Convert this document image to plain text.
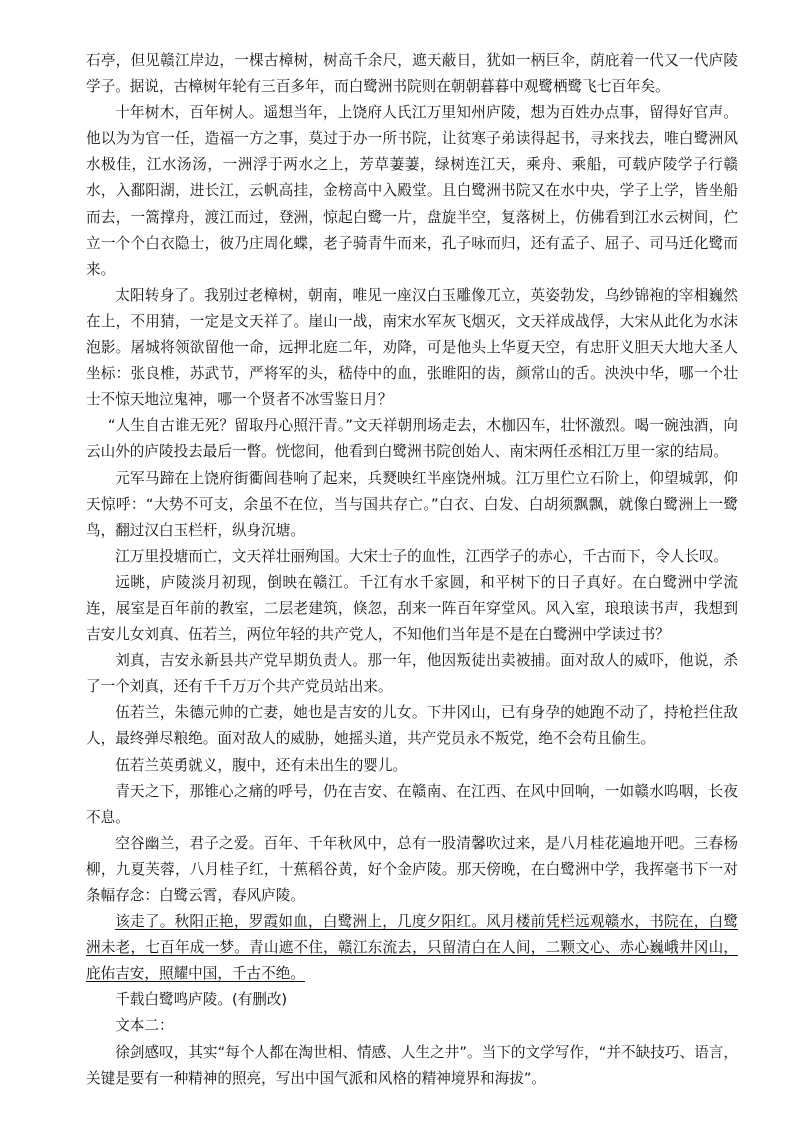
石亭，但见赣江岸边，一棵古樟树，树高千余尺，遮天蔽日，犹如一柄巨伞，荫庇着一代又一代庐陵学子。据说，古樟树年轮有三百多年，而白鹭洲书院则在朝朝暮暮中观鹭栖鹭飞七百年矣。

十年树木，百年树人。遥想当年，上饶府人氏江万里知州庐陵，想为百姓办点事，留得好官声。他以为为官一任，造福一方之事，莫过于办一所书院，让贫寒子弟读得起书，寻来找去，唯白鹭洲风水极佳，江水汤汤，一洲浮于两水之上，芳草萋萋，绿树连江天，乘舟、乘船，可载庐陵学子行赣水，入鄱阳湖，进长江，云帆高挂，金榜高中入殿堂。且白鹭洲书院又在水中央，学子上学，皆坐船而去，一篙撑舟，渡江而过，登洲，惊起白鹭一片，盘旋半空，复落树上，仿佛看到江水云树间，伫立一个个白衣隐士，彼乃庄周化蝶，老子骑青牛而来，孔子咏而归，还有孟子、屈子、司马迁化鹭而来。

太阳转身了。我别过老樟树，朝南，唯见一座汉白玉雕像兀立，英姿勃发，乌纱锦袍的宰相巍然在上，不用猜，一定是文天祥了。崖山一战，南宋水军灰飞烟灭，文天祥成战俘，大宋从此化为水沫泡影。屠城将领欲留他一命，远押北庭二年，劝降，可是他头上华夏天空，有忠肝义胆天大地大圣人坐标：张良椎，苏武节，严将军的头，嵇侍中的血，张睢阳的齿，颜常山的舌。泱泱中华，哪一个壮士不惊天地泣鬼神，哪一个贤者不冰雪鉴日月？

“人生自古谁无死？留取丹心照汗青。”文天祥朝刑场走去，木枷囚车，壮怀激烈。喝一碗浊酒，向云山外的庐陵投去最后一瞥。恍惚间，他看到白鹭洲书院创始人、南宋两任丞相江万里一家的结局。

元军马蹄在上饶府街衢闾巷响了起来，兵燹映红半座饶州城。江万里伫立石阶上，仰望城郭，仰天惊呼：“大势不可支，余虽不在位，当与国共存亡。”白衣、白发、白胡须飘飘，就像白鹭洲上一鹭鸟，翻过汉白玉栏杆，纵身沉塘。

江万里投塘而亡，文天祥壮丽殉国。大宋士子的血性，江西学子的赤心，千古而下，令人长叹。

远眺，庐陵淡月初现，倒映在赣江。千江有水千家圆，和平树下的日子真好。在白鹭洲中学流连，展室是百年前的教室，二层老建筑，倏忽，刮来一阵百年穿堂风。风入室，琅琅读书声，我想到吉安儿女刘真、伍若兰，两位年轻的共产党人，不知他们当年是不是在白鹭洲中学读过书？

刘真，吉安永新县共产党早期负责人。那一年，他因叛徒出卖被捕。面对敌人的威吓，他说，杀了一个刘真，还有千千万万个共产党员站出来。

伍若兰，朱德元帅的亡妻，她也是吉安的儿女。下井冈山，已有身孕的她跑不动了，持枪拦住敌人，最终弹尽粮绝。面对敌人的威胁，她摇头道，共产党员永不叛党，绝不会苟且偷生。

伍若兰英勇就义，腹中，还有未出生的婴儿。

青天之下，那锥心之痛的呼号，仍在吉安、在赣南、在江西、在风中回响，一如赣水呜咽，长夜不息。

空谷幽兰，君子之爱。百年、千年秋风中，总有一股清馨吹过来，是八月桂花遍地开吧。三春杨柳，九夏芙蓉，八月桂子红，十蕉稻谷黄，好个金庐陵。那天傍晚，在白鹭洲中学，我挥毫书下一对条幅存念：白鹭云霄，春风庐陵。

该走了。秋阳正艳，罗霞如血，白鹭洲上，几度夕阳红。风月楼前凭栏远观赣水，书院在，白鹭洲未老，七百年成一梦。青山遮不住，赣江东流去，只留清白在人间，二颗文心、赤心巍峨井冈山，庇佑吉安，照耀中国，千古不绝。

千载白鹭鸣庐陵。(有删改)

文本二：

徐剑感叹，其实“每个人都在淘世相、情感、人生之井”。当下的文学写作，“并不缺技巧、语言，关键是要有一种精神的照亮，写出中国气派和风格的精神境界和海拔”。
